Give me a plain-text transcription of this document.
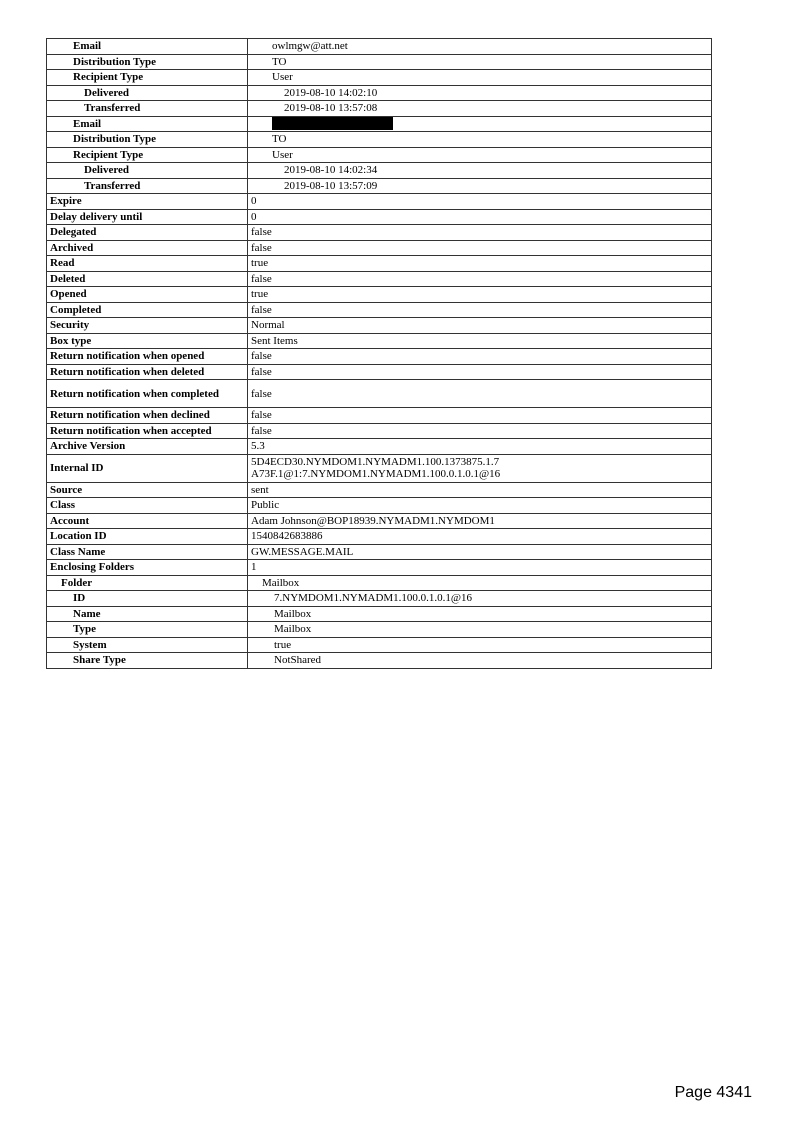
Email	owlmgw@att.net
Distribution Type	TO
Recipient Type	User
Delivered	2019-08-10 14:02:10
Transferred	2019-08-10 13:57:08
Email	
Distribution Type	TO
Recipient Type	User
Delivered	2019-08-10 14:02:34
Transferred	2019-08-10 13:57:09
Expire	0
Delay delivery until	0
Delegated	false
Archived	false
Read	true
Deleted	false
Opened	true
Completed	false
Security	Normal
Box type	Sent Items
Return notification when opened	false
Return notification when deleted	false
Return notification when completed	false
Return notification when declined	false
Return notification when accepted	false
Archive Version	5.3
Internal ID	5D4ECD30.NYMDOM1.NYMADM1.100.1373875.1.7 A73F.1@1:7.NYMDOM1.NYMADM1.100.0.1.0.1@16
Source	sent
Class	Public
Account	Adam Johnson@BOP18939.NYMADM1.NYMDOM1
Location ID	1540842683886
Class Name	GW.MESSAGE.MAIL
Enclosing Folders	1
Folder	Mailbox
ID	7.NYMDOM1.NYMADM1.100.0.1.0.1@16
Name	Mailbox
Type	Mailbox
System	true
Share Type	NotShared
Page 4341
